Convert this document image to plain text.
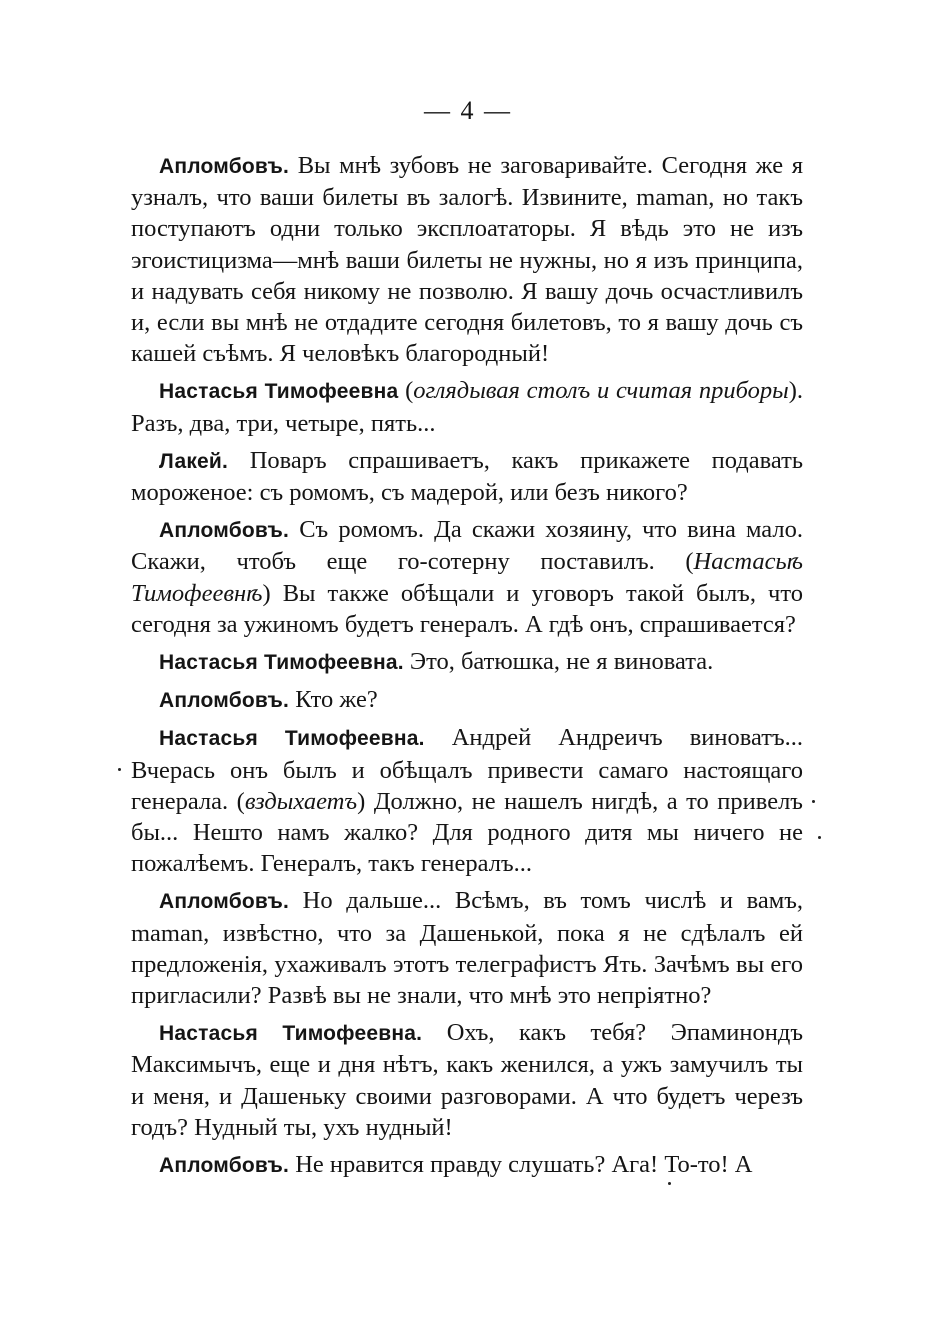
— 4 —

Апломбовъ. Вы мнѣ зубовъ не заговаривайте. Сегодня же я узналъ, что ваши билеты въ залогѣ. Извините, maman, но такъ поступаютъ одни только эксплоататоры. Я вѣдь это не изъ эгоистицизма—мнѣ ваши билеты не нужны, но я изъ принципа, и надувать себя никому не позволю. Я вашу дочь осчастливилъ и, если вы мнѣ не отдадите сегодня билетовъ, то я вашу дочь съ кашей съѣмъ. Я человѣкъ благородный!

Настасья Тимофеевна (оглядывая столъ и считая приборы). Разъ, два, три, четыре, пять...

Лакей. Поваръ спрашиваетъ, какъ прикажете подавать мороженое: съ ромомъ, съ мадерой, или безъ никого?

Апломбовъ. Съ ромомъ. Да скажи хозяину, что вина мало. Скажи, чтобъ еще го-сотерну поставилъ. (Настасьѣ Тимофеевнѣ) Вы также обѣщали и уговоръ такой былъ, что сегодня за ужиномъ будетъ генералъ. А гдѣ онъ, спрашивается?

Настасья Тимофеевна. Это, батюшка, не я виновата.

Апломбовъ. Кто же?

Настасья Тимофеевна. Андрей Андреичъ виноватъ... Вчерась онъ былъ и обѣщалъ привести самаго настоящаго генерала. (вздыхаетъ) Должно, не нашелъ нигдѣ, а то привелъ бы... Нешто намъ жалко? Для родного дитя мы ничего не пожалѣемъ. Генералъ, такъ генералъ...

Апломбовъ. Но дальше... Всѣмъ, въ томъ числѣ и вамъ, maman, извѣстно, что за Дашенькой, пока я не сдѣлалъ ей предложенія, ухаживалъ этотъ телеграфистъ Ять. Зачѣмъ вы его пригласили? Развѣ вы не знали, что мнѣ это непріятно?

Настасья Тимофеевна. Охъ, какъ тебя? Эпаминондъ Максимычъ, еще и дня нѣтъ, какъ женился, а ужъ замучилъ ты и меня, и Дашеньку своими разговорами. А что будетъ черезъ годъ? Нудный ты, ухъ нудный!

Апломбовъ. Не нравится правду слушать? Ага! То-то! А
